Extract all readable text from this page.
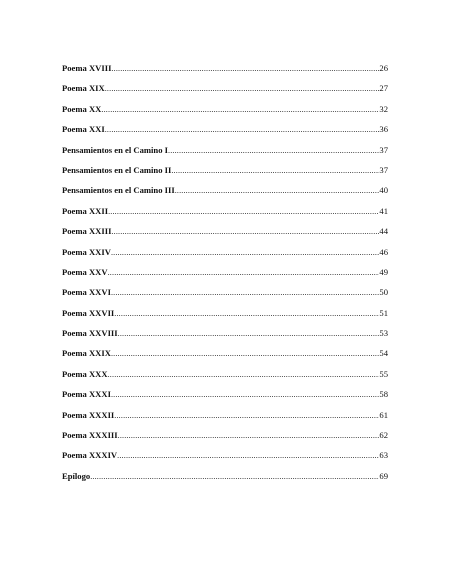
Poema XVIII .....	26
Poema XIX .....	27
Poema XX .....	32
Poema XXI .....	36
Pensamientos en el Camino I .....	37
Pensamientos en el Camino II .....	37
Pensamientos en el Camino III .....	40
Poema XXII .....	41
Poema XXIII .....	44
Poema XXIV .....	46
Poema XXV .....	49
Poema XXVI .....	50
Poema XXVII .....	51
Poema XXVIII .....	53
Poema XXIX .....	54
Poema XXX .....	55
Poema XXXI .....	58
Poema XXXII .....	61
Poema XXXIII .....	62
Poema XXXIV .....	63
Epílogo .....	69
